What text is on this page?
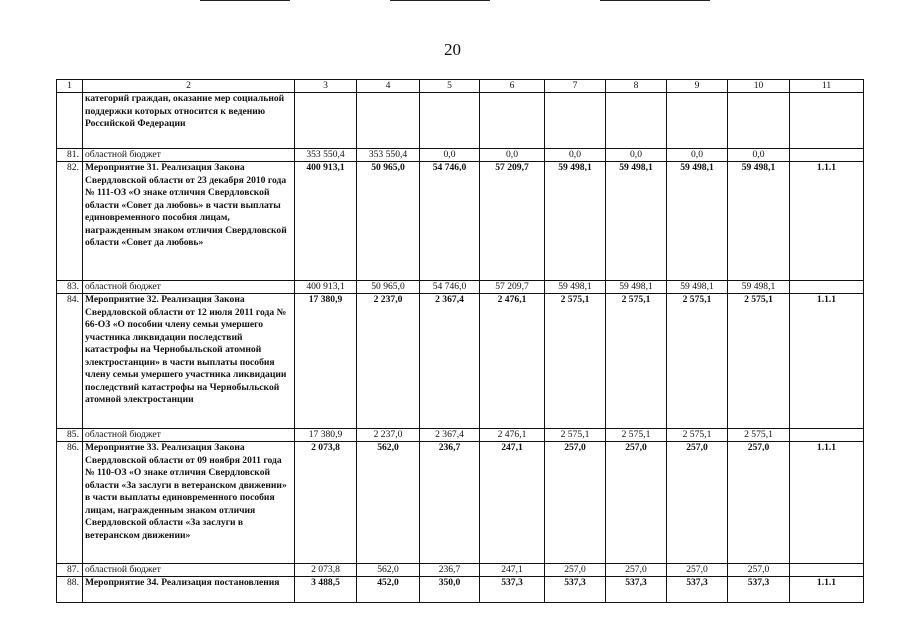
20
1	2	3	4	5	6	7	8	9	10	11
	категорий граждан, оказание мер социальной поддержки которых относится к ведению Российской Федерации									
81.	областной бюджет	353 550,4	353 550,4	0,0	0,0	0,0	0,0	0,0	0,0	
82.	Мероприятие 31. Реализация Закона Свердловской области от 23 декабря 2010 года № 111-ОЗ «О знаке отличия Свердловской области «Совет да любовь» в части выплаты единовременного пособия лицам, награжденным знаком отличия Свердловской области «Совет да любовь»	400 913,1	50 965,0	54 746,0	57 209,7	59 498,1	59 498,1	59 498,1	59 498,1	1.1.1
83.	областной бюджет	400 913,1	50 965,0	54 746,0	57 209,7	59 498,1	59 498,1	59 498,1	59 498,1	
84.	Мероприятие 32. Реализация Закона Свердловской области от 12 июля 2011 года № 66-ОЗ «О пособии члену семьи умершего участника ликвидации последствий катастрофы на Чернобыльской атомной электростанции» в части выплаты пособия члену семьи умершего участника ликвидации последствий катастрофы на Чернобыльской атомной электростанции	17 380,9	2 237,0	2 367,4	2 476,1	2 575,1	2 575,1	2 575,1	2 575,1	1.1.1
85.	областной бюджет	17 380,9	2 237,0	2 367,4	2 476,1	2 575,1	2 575,1	2 575,1	2 575,1	
86.	Мероприятие 33. Реализация Закона Свердловской области от 09 ноября 2011 года № 110-ОЗ «О знаке отличия Свердловской области «За заслуги в ветеранском движении» в части выплаты единовременного пособия лицам, награжденным знаком отличия Свердловской области «За заслуги в ветеранском движении»	2 073,8	562,0	236,7	247,1	257,0	257,0	257,0	257,0	1.1.1
87.	областной бюджет	2 073,8	562,0	236,7	247,1	257,0	257,0	257,0	257,0	
88.	Мероприятие 34. Реализация постановления	3 488,5	452,0	350,0	537,3	537,3	537,3	537,3	537,3	1.1.1
